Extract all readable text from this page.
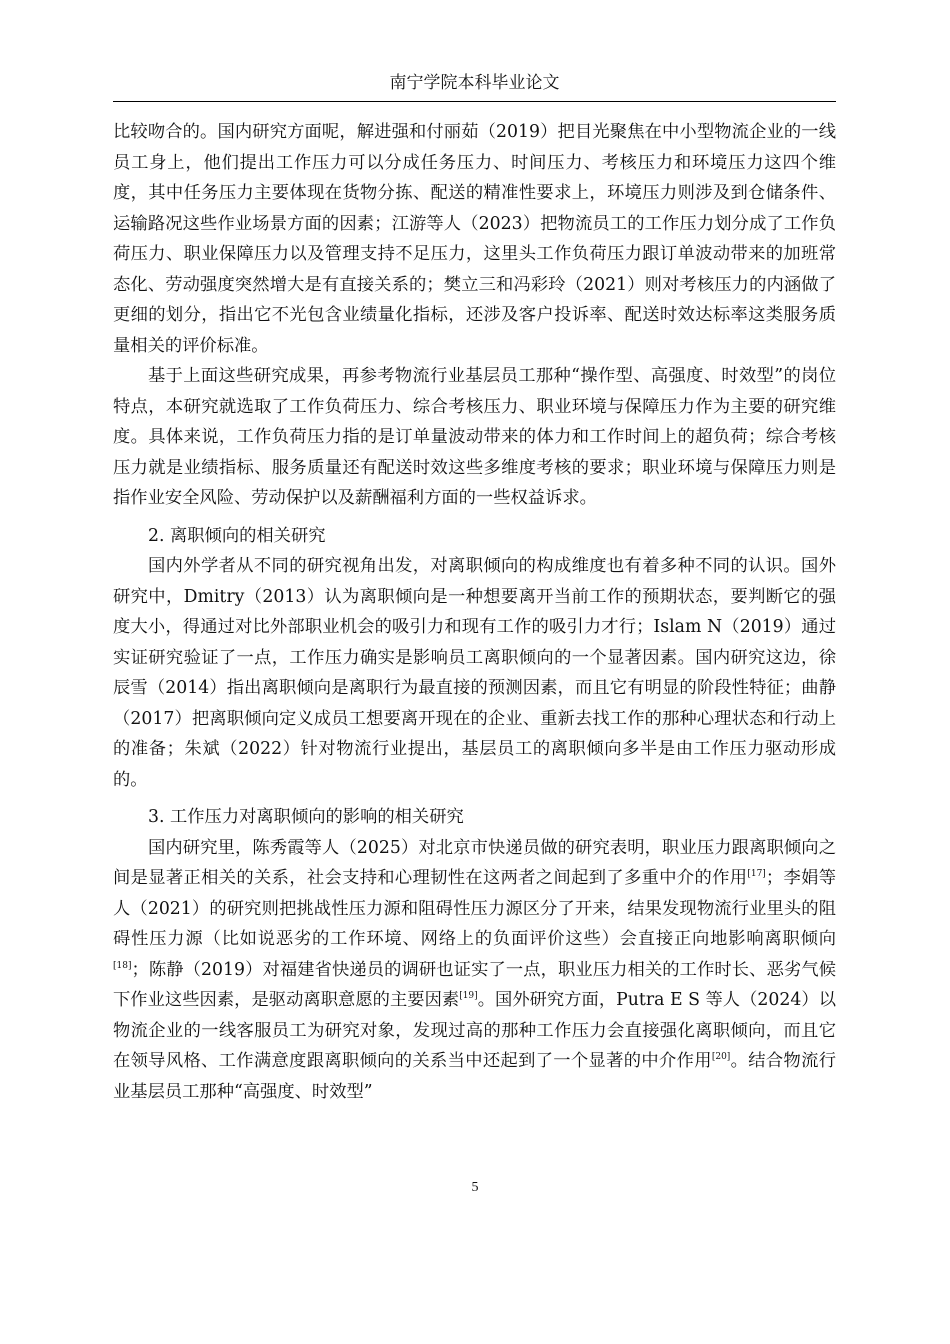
南宁学院本科毕业论文

比较吻合的。国内研究方面呢，解进强和付丽茹（2019）把目光聚焦在中小型物流企业的一线员工身上，他们提出工作压力可以分成任务压力、时间压力、考核压力和环境压力这四个维度，其中任务压力主要体现在货物分拣、配送的精准性要求上，环境压力则涉及到仓储条件、运输路况这些作业场景方面的因素；江游等人（2023）把物流员工的工作压力划分成了工作负荷压力、职业保障压力以及管理支持不足压力，这里头工作负荷压力跟订单波动带来的加班常态化、劳动强度突然增大是有直接关系的；樊立三和冯彩玲（2021）则对考核压力的内涵做了更细的划分，指出它不光包含业绩量化指标，还涉及客户投诉率、配送时效达标率这类服务质量相关的评价标准。

基于上面这些研究成果，再参考物流行业基层员工那种“操作型、高强度、时效型”的岗位特点，本研究就选取了工作负荷压力、综合考核压力、职业环境与保障压力作为主要的研究维度。具体来说，工作负荷压力指的是订单量波动带来的体力和工作时间上的超负荷；综合考核压力就是业绩指标、服务质量还有配送时效这些多维度考核的要求；职业环境与保障压力则是指作业安全风险、劳动保护以及薪酬福利方面的一些权益诉求。

2. 离职倾向的相关研究

国内外学者从不同的研究视角出发，对离职倾向的构成维度也有着多种不同的认识。国外研究中，Dmitry（2013）认为离职倾向是一种想要离开当前工作的预期状态，要判断它的强度大小，得通过对比外部职业机会的吸引力和现有工作的吸引力才行；Islam N（2019）通过实证研究验证了一点，工作压力确实是影响员工离职倾向的一个显著因素。国内研究这边，徐辰雪（2014）指出离职倾向是离职行为最直接的预测因素，而且它有明显的阶段性特征；曲静（2017）把离职倾向定义成员工想要离开现在的企业、重新去找工作的那种心理状态和行动上的准备；朱斌（2022）针对物流行业提出，基层员工的离职倾向多半是由工作压力驱动形成的。

3. 工作压力对离职倾向的影响的相关研究

国内研究里，陈秀霞等人（2025）对北京市快递员做的研究表明，职业压力跟离职倾向之间是显著正相关的关系，社会支持和心理韧性在这两者之间起到了多重中介的作用[17]；李娟等人（2021）的研究则把挑战性压力源和阻碍性压力源区分了开来，结果发现物流行业里头的阻碍性压力源（比如说恶劣的工作环境、网络上的负面评价这些）会直接正向地影响离职倾向[18]；陈静（2019）对福建省快递员的调研也证实了一点，职业压力相关的工作时长、恶劣气候下作业这些因素，是驱动离职意愿的主要因素[19]。国外研究方面，Putra E S 等人（2024）以物流企业的一线客服员工为研究对象，发现过高的那种工作压力会直接强化离职倾向，而且它在领导风格、工作满意度跟离职倾向的关系当中还起到了一个显著的中介作用[20]。结合物流行业基层员工那种“高强度、时效型”

5
